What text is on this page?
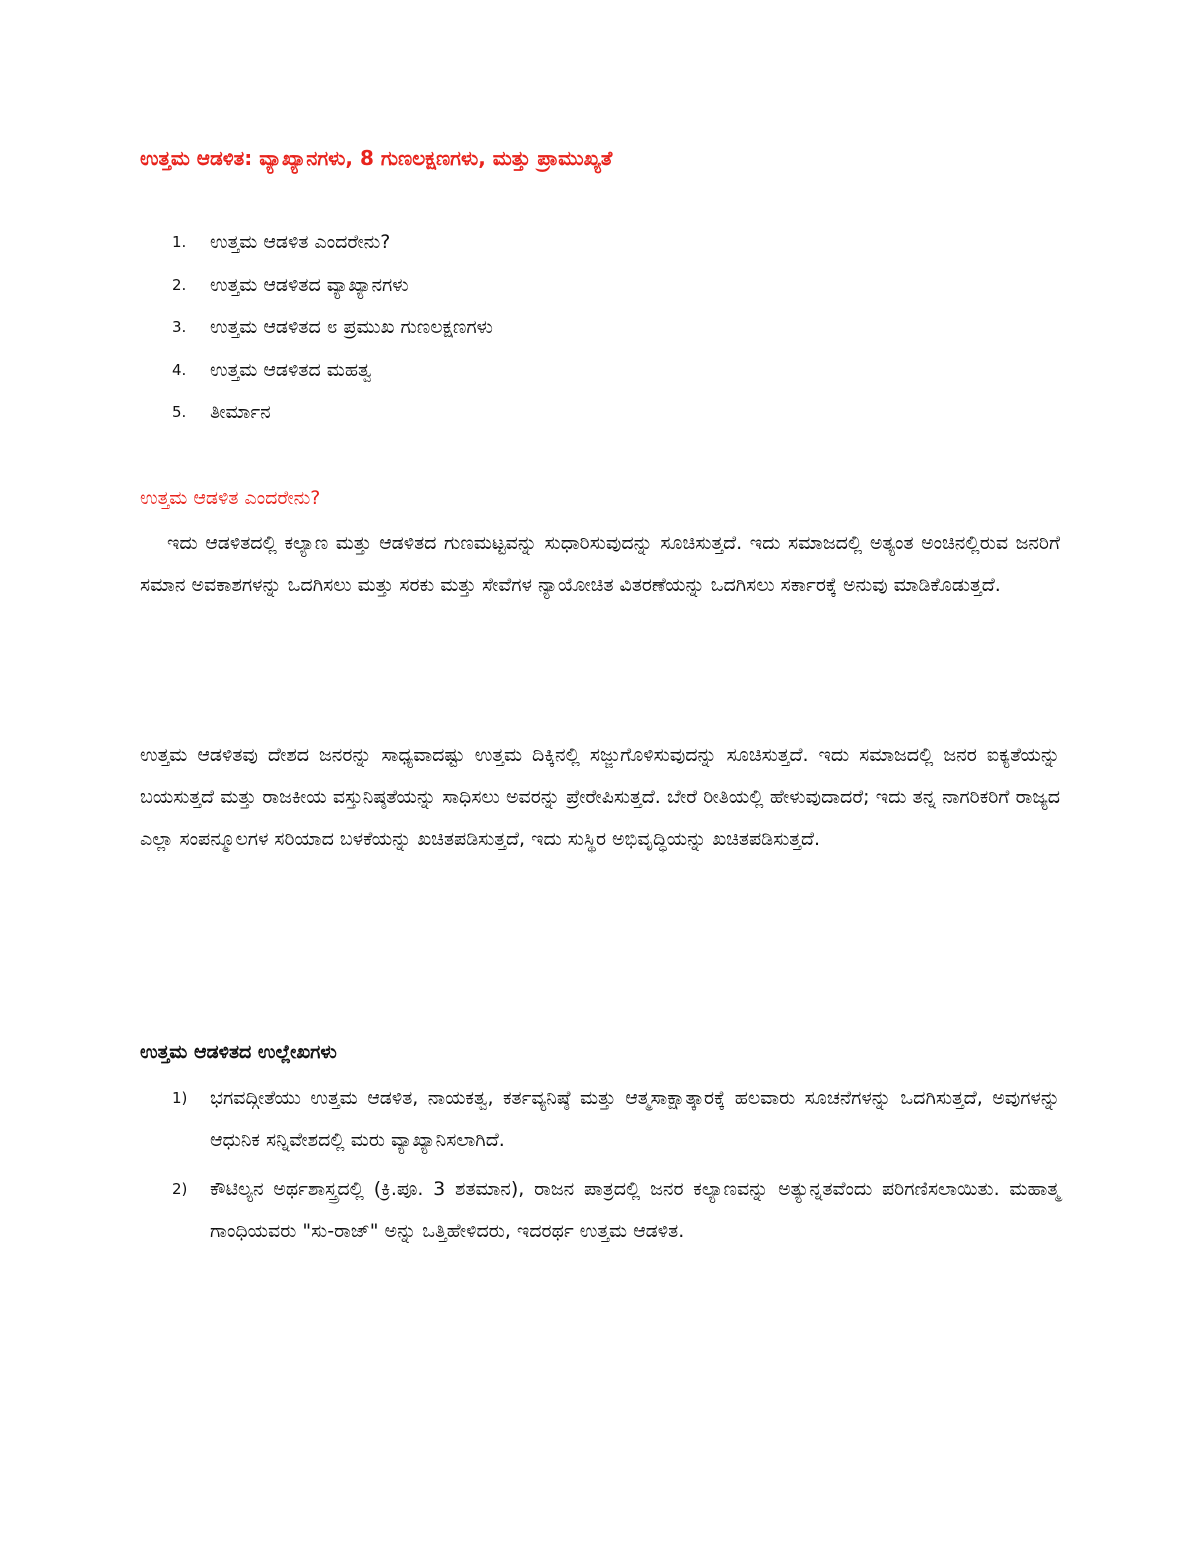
ಉತ್ತಮ ಆಡಳಿತ: ವ್ಯಾಖ್ಯಾನಗಳು, 8 ಗುಣಲಕ್ಷಣಗಳು, ಮತ್ತು ಪ್ರಾಮುಖ್ಯತೆ
1.	ಉತ್ತಮ ಆಡಳಿತ ಎಂದರೇನು?
2.	ಉತ್ತಮ ಆಡಳಿತದ ವ್ಯಾಖ್ಯಾನಗಳು
3.	ಉತ್ತಮ ಆಡಳಿತದ ೮ ಪ್ರಮುಖ ಗುಣಲಕ್ಷಣಗಳು
4.	ಉತ್ತಮ ಆಡಳಿತದ ಮಹತ್ವ
5.	ತೀರ್ಮಾನ
ಉತ್ತಮ ಆಡಳಿತ ಎಂದರೇನು?

ಇದು ಆಡಳಿತದಲ್ಲಿ ಕಲ್ಯಾಣ ಮತ್ತು ಆಡಳಿತದ ಗುಣಮಟ್ಟವನ್ನು ಸುಧಾರಿಸುವುದನ್ನು ಸೂಚಿಸುತ್ತದೆ. ಇದು ಸಮಾಜದಲ್ಲಿ ಅತ್ಯಂತ ಅಂಚಿನಲ್ಲಿರುವ ಜನರಿಗೆ ಸಮಾನ ಅವಕಾಶಗಳನ್ನು ಒದಗಿಸಲು ಮತ್ತು ಸರಕು ಮತ್ತು ಸೇವೆಗಳ ನ್ಯಾಯೋಚಿತ ವಿತರಣೆಯನ್ನು ಒದಗಿಸಲು ಸರ್ಕಾರಕ್ಕೆ ಅನುವು ಮಾಡಿಕೊಡುತ್ತದೆ.

ಉತ್ತಮ ಆಡಳಿತವು ದೇಶದ ಜನರನ್ನು ಸಾಧ್ಯವಾದಷ್ಟು ಉತ್ತಮ ದಿಕ್ಕಿನಲ್ಲಿ ಸಜ್ಜುಗೊಳಿಸುವುದನ್ನು ಸೂಚಿಸುತ್ತದೆ. ಇದು ಸಮಾಜದಲ್ಲಿ ಜನರ ಐಕ್ಯತೆಯನ್ನು ಬಯಸುತ್ತದೆ ಮತ್ತು ರಾಜಕೀಯ ವಸ್ತುನಿಷ್ಠತೆಯನ್ನು ಸಾಧಿಸಲು ಅವರನ್ನು ಪ್ರೇರೇಪಿಸುತ್ತದೆ. ಬೇರೆ ರೀತಿಯಲ್ಲಿ ಹೇಳುವುದಾದರೆ; ಇದು ತನ್ನ ನಾಗರಿಕರಿಗೆ ರಾಜ್ಯದ ಎಲ್ಲಾ ಸಂಪನ್ಮೂಲಗಳ ಸರಿಯಾದ ಬಳಕೆಯನ್ನು ಖಚಿತಪಡಿಸುತ್ತದೆ, ಇದು ಸುಸ್ಥಿರ ಅಭಿವೃದ್ಧಿಯನ್ನು ಖಚಿತಪಡಿಸುತ್ತದೆ.

ಉತ್ತಮ ಆಡಳಿತದ ಉಲ್ಲೇಖಗಳು
1)	ಭಗವದ್ಗೀತೆಯು ಉತ್ತಮ ಆಡಳಿತ, ನಾಯಕತ್ವ, ಕರ್ತವ್ಯನಿಷ್ಠೆ ಮತ್ತು ಆತ್ಮಸಾಕ್ಷಾತ್ಕಾರಕ್ಕೆ ಹಲವಾರು ಸೂಚನೆಗಳನ್ನು ಒದಗಿಸುತ್ತದೆ, ಅವುಗಳನ್ನು ಆಧುನಿಕ ಸನ್ನಿವೇಶದಲ್ಲಿ ಮರು ವ್ಯಾಖ್ಯಾನಿಸಲಾಗಿದೆ.
2)	ಕೌಟಿಲ್ಯನ ಅರ್ಥಶಾಸ್ತ್ರದಲ್ಲಿ (ಕ್ರಿ.ಪೂ. 3 ಶತಮಾನ), ರಾಜನ ಪಾತ್ರದಲ್ಲಿ ಜನರ ಕಲ್ಯಾಣವನ್ನು ಅತ್ಯುನ್ನತವೆಂದು ಪರಿಗಣಿಸಲಾಯಿತು. ಮಹಾತ್ಮ ಗಾಂಧಿಯವರು "ಸು-ರಾಜ್" ಅನ್ನು ಒತ್ತಿಹೇಳಿದರು, ಇದರರ್ಥ ಉತ್ತಮ ಆಡಳಿತ.
